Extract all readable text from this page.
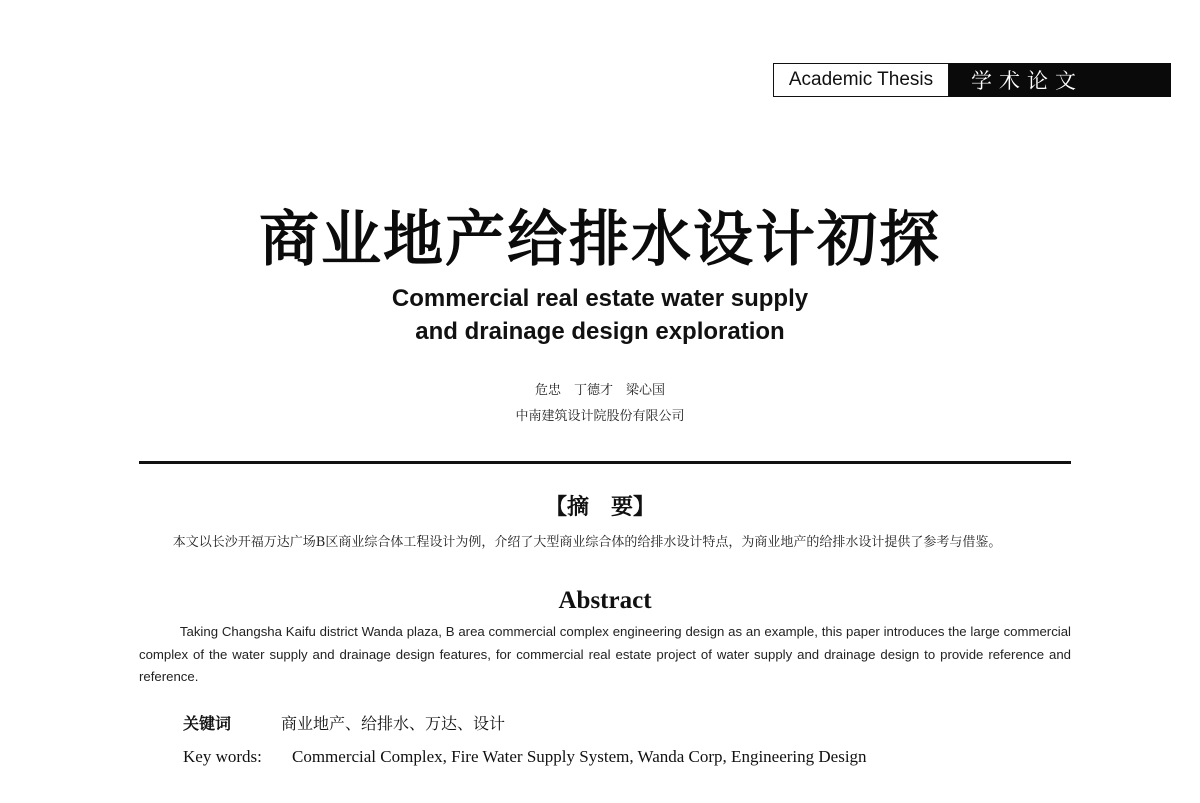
Academic Thesis	学术论文
商业地产给排水设计初探
Commercial real estate water supply
and drainage design exploration
危忠　丁德才　梁心国
中南建筑设计院股份有限公司
【摘　要】
本文以长沙开福万达广场B区商业综合体工程设计为例，介绍了大型商业综合体的给排水设计特点，为商业地产的给排水设计提供了参考与借鉴。
Abstract
Taking Changsha Kaifu district Wanda plaza, B area commercial complex engineering design as an example, this paper introduces the large commercial complex of the water supply and drainage design features, for commercial real estate project of water supply and drainage design to provide reference and reference.
关键词	商业地产、给排水、万达、设计
Key words:	Commercial Complex, Fire Water Supply System, Wanda Corp, Engineering Design
